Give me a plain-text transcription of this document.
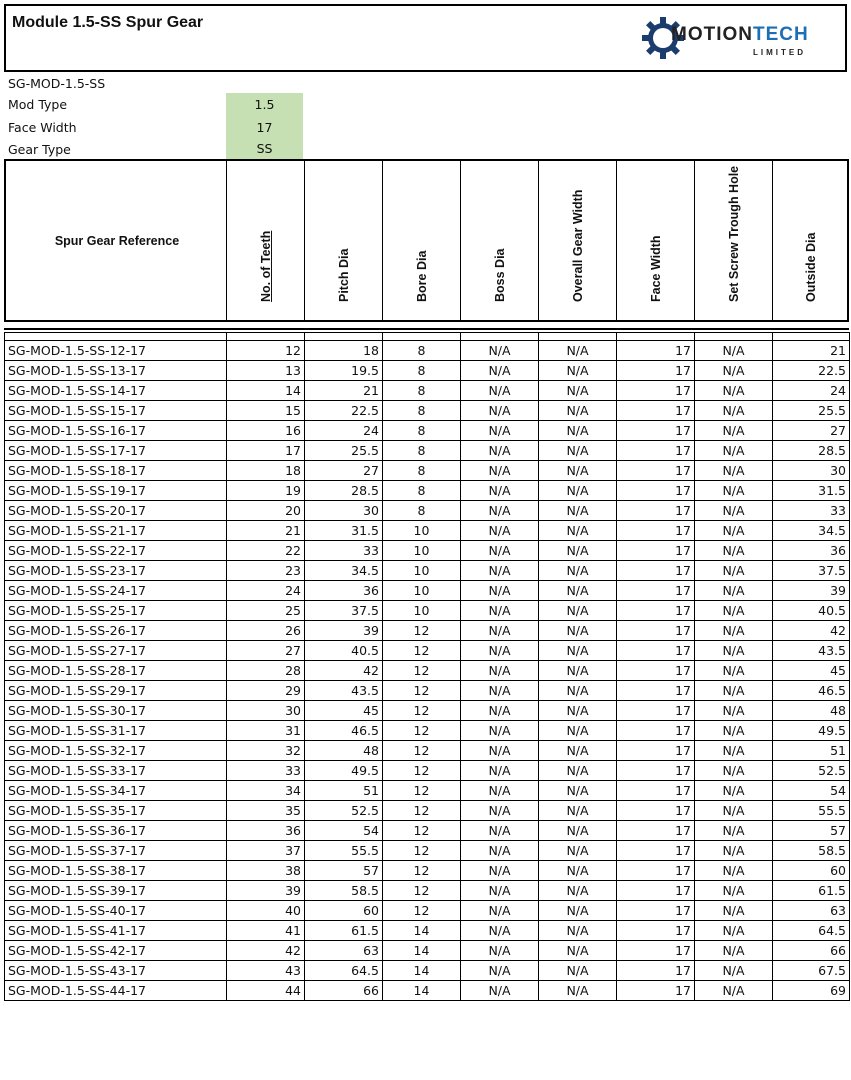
Module 1.5-SS Spur Gear
MOTIONTECH
LIMITED
SG-MOD-1.5-SS
Mod Type	1.5
Face Width	17
Gear Type	SS
Spur Gear Reference	No. of Teeth	Pitch Dia	Bore Dia	Boss Dia	Overall Gear Width	Face Width	Set Screw Trough Hole	Outside Dia

SG-MOD-1.5-SS-12-17	12	18	8	N/A	N/A	17	N/A	21
SG-MOD-1.5-SS-13-17	13	19.5	8	N/A	N/A	17	N/A	22.5
SG-MOD-1.5-SS-14-17	14	21	8	N/A	N/A	17	N/A	24
SG-MOD-1.5-SS-15-17	15	22.5	8	N/A	N/A	17	N/A	25.5
SG-MOD-1.5-SS-16-17	16	24	8	N/A	N/A	17	N/A	27
SG-MOD-1.5-SS-17-17	17	25.5	8	N/A	N/A	17	N/A	28.5
SG-MOD-1.5-SS-18-17	18	27	8	N/A	N/A	17	N/A	30
SG-MOD-1.5-SS-19-17	19	28.5	8	N/A	N/A	17	N/A	31.5
SG-MOD-1.5-SS-20-17	20	30	8	N/A	N/A	17	N/A	33
SG-MOD-1.5-SS-21-17	21	31.5	10	N/A	N/A	17	N/A	34.5
SG-MOD-1.5-SS-22-17	22	33	10	N/A	N/A	17	N/A	36
SG-MOD-1.5-SS-23-17	23	34.5	10	N/A	N/A	17	N/A	37.5
SG-MOD-1.5-SS-24-17	24	36	10	N/A	N/A	17	N/A	39
SG-MOD-1.5-SS-25-17	25	37.5	10	N/A	N/A	17	N/A	40.5
SG-MOD-1.5-SS-26-17	26	39	12	N/A	N/A	17	N/A	42
SG-MOD-1.5-SS-27-17	27	40.5	12	N/A	N/A	17	N/A	43.5
SG-MOD-1.5-SS-28-17	28	42	12	N/A	N/A	17	N/A	45
SG-MOD-1.5-SS-29-17	29	43.5	12	N/A	N/A	17	N/A	46.5
SG-MOD-1.5-SS-30-17	30	45	12	N/A	N/A	17	N/A	48
SG-MOD-1.5-SS-31-17	31	46.5	12	N/A	N/A	17	N/A	49.5
SG-MOD-1.5-SS-32-17	32	48	12	N/A	N/A	17	N/A	51
SG-MOD-1.5-SS-33-17	33	49.5	12	N/A	N/A	17	N/A	52.5
SG-MOD-1.5-SS-34-17	34	51	12	N/A	N/A	17	N/A	54
SG-MOD-1.5-SS-35-17	35	52.5	12	N/A	N/A	17	N/A	55.5
SG-MOD-1.5-SS-36-17	36	54	12	N/A	N/A	17	N/A	57
SG-MOD-1.5-SS-37-17	37	55.5	12	N/A	N/A	17	N/A	58.5
SG-MOD-1.5-SS-38-17	38	57	12	N/A	N/A	17	N/A	60
SG-MOD-1.5-SS-39-17	39	58.5	12	N/A	N/A	17	N/A	61.5
SG-MOD-1.5-SS-40-17	40	60	12	N/A	N/A	17	N/A	63
SG-MOD-1.5-SS-41-17	41	61.5	14	N/A	N/A	17	N/A	64.5
SG-MOD-1.5-SS-42-17	42	63	14	N/A	N/A	17	N/A	66
SG-MOD-1.5-SS-43-17	43	64.5	14	N/A	N/A	17	N/A	67.5
SG-MOD-1.5-SS-44-17	44	66	14	N/A	N/A	17	N/A	69
